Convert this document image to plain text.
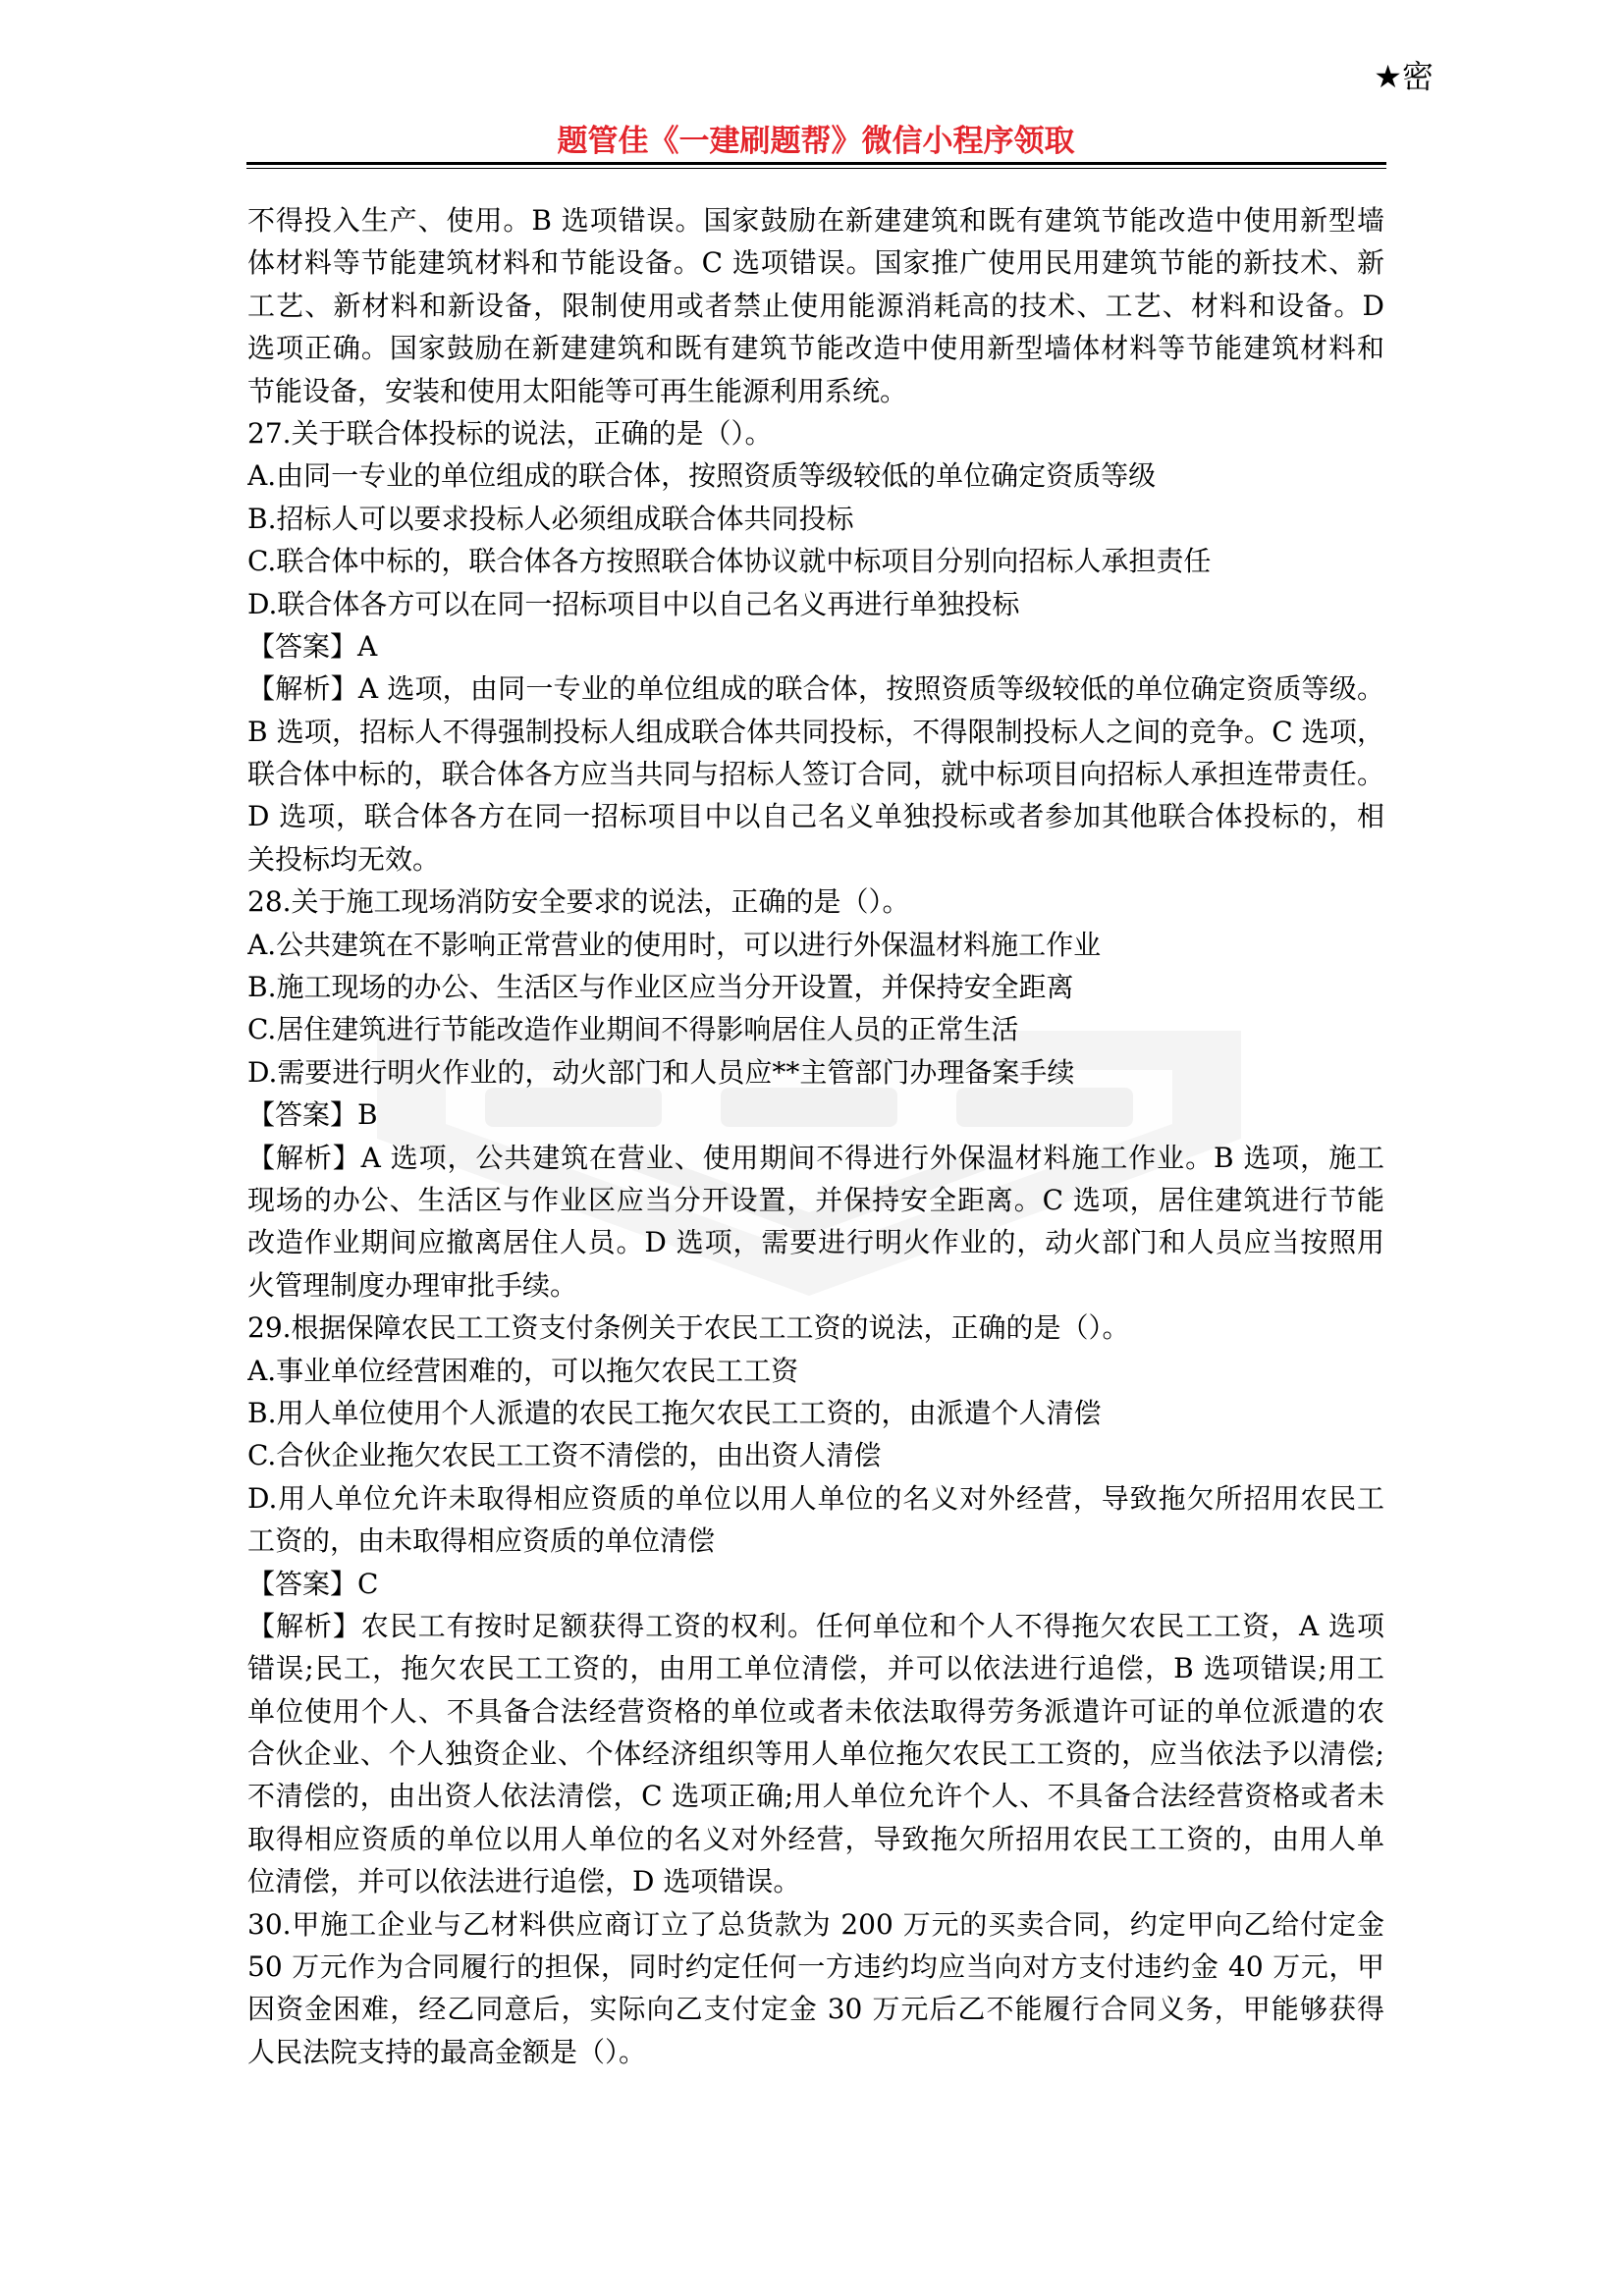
★密
题管佳《一建刷题帮》微信小程序领取
不得投入生产、使用。B 选项错误。国家鼓励在新建建筑和既有建筑节能改造中使用新型墙
体材料等节能建筑材料和节能设备。C 选项错误。国家推广使用民用建筑节能的新技术、新
工艺、新材料和新设备，限制使用或者禁止使用能源消耗高的技术、工艺、材料和设备。D
选项正确。国家鼓励在新建建筑和既有建筑节能改造中使用新型墙体材料等节能建筑材料和
节能设备，安装和使用太阳能等可再生能源利用系统。
27.关于联合体投标的说法，正确的是（）。
A.由同一专业的单位组成的联合体，按照资质等级较低的单位确定资质等级
B.招标人可以要求投标人必须组成联合体共同投标
C.联合体中标的，联合体各方按照联合体协议就中标项目分别向招标人承担责任
D.联合体各方可以在同一招标项目中以自己名义再进行单独投标
【答案】A
【解析】A 选项，由同一专业的单位组成的联合体，按照资质等级较低的单位确定资质等级。
B 选项，招标人不得强制投标人组成联合体共同投标，不得限制投标人之间的竞争。C 选项，
联合体中标的，联合体各方应当共同与招标人签订合同，就中标项目向招标人承担连带责任。
D 选项，联合体各方在同一招标项目中以自己名义单独投标或者参加其他联合体投标的，相
关投标均无效。
28.关于施工现场消防安全要求的说法，正确的是（）。
A.公共建筑在不影响正常营业的使用时，可以进行外保温材料施工作业
B.施工现场的办公、生活区与作业区应当分开设置，并保持安全距离
C.居住建筑进行节能改造作业期间不得影响居住人员的正常生活
D.需要进行明火作业的，动火部门和人员应**主管部门办理备案手续
【答案】B
【解析】A 选项，公共建筑在营业、使用期间不得进行外保温材料施工作业。B 选项，施工
现场的办公、生活区与作业区应当分开设置，并保持安全距离。C 选项，居住建筑进行节能
改造作业期间应撤离居住人员。D 选项，需要进行明火作业的，动火部门和人员应当按照用
火管理制度办理审批手续。
29.根据保障农民工工资支付条例关于农民工工资的说法，正确的是（）。
A.事业单位经营困难的，可以拖欠农民工工资
B.用人单位使用个人派遣的农民工拖欠农民工工资的，由派遣个人清偿
C.合伙企业拖欠农民工工资不清偿的，由出资人清偿
D.用人单位允许未取得相应资质的单位以用人单位的名义对外经营，导致拖欠所招用农民工
工资的，由未取得相应资质的单位清偿
【答案】C
【解析】农民工有按时足额获得工资的权利。任何单位和个人不得拖欠农民工工资，A 选项
错误;民工，拖欠农民工工资的，由用工单位清偿，并可以依法进行追偿，B 选项错误;用工
单位使用个人、不具备合法经营资格的单位或者未依法取得劳务派遣许可证的单位派遣的农
合伙企业、个人独资企业、个体经济组织等用人单位拖欠农民工工资的，应当依法予以清偿;
不清偿的，由出资人依法清偿，C 选项正确;用人单位允许个人、不具备合法经营资格或者未
取得相应资质的单位以用人单位的名义对外经营，导致拖欠所招用农民工工资的，由用人单
位清偿，并可以依法进行追偿，D 选项错误。
30.甲施工企业与乙材料供应商订立了总货款为 200 万元的买卖合同，约定甲向乙给付定金
50 万元作为合同履行的担保，同时约定任何一方违约均应当向对方支付违约金 40 万元，甲
因资金困难，经乙同意后，实际向乙支付定金 30 万元后乙不能履行合同义务，甲能够获得
人民法院支持的最高金额是（）。
